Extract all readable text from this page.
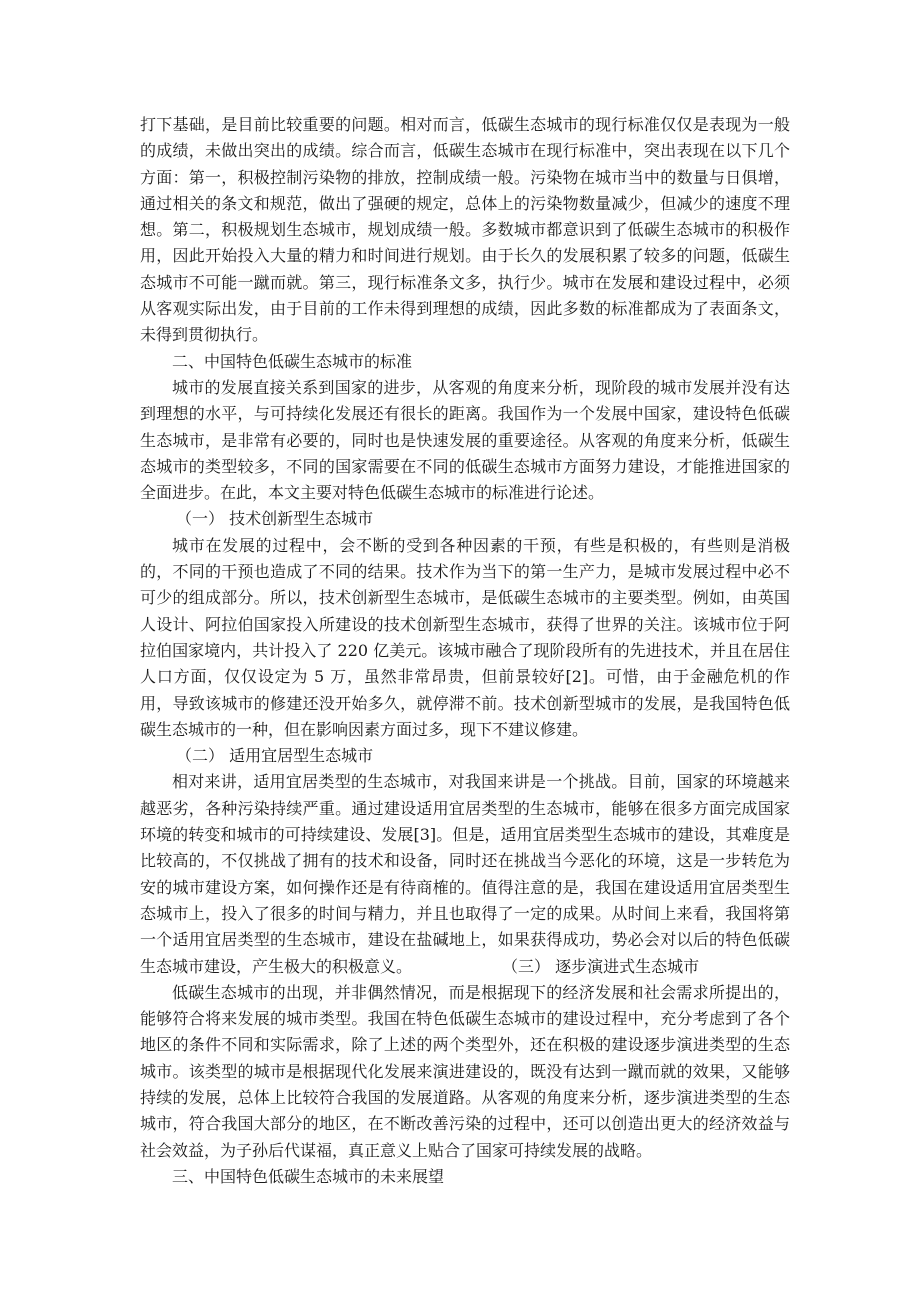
打下基础，是目前比较重要的问题。相对而言，低碳生态城市的现行标准仅仅是表现为一般的成绩，未做出突出的成绩。综合而言，低碳生态城市在现行标准中，突出表现在以下几个方面：第一，积极控制污染物的排放，控制成绩一般。污染物在城市当中的数量与日俱增，通过相关的条文和规范，做出了强硬的规定，总体上的污染物数量减少，但减少的速度不理想。第二，积极规划生态城市，规划成绩一般。多数城市都意识到了低碳生态城市的积极作用，因此开始投入大量的精力和时间进行规划。由于长久的发展积累了较多的问题，低碳生态城市不可能一蹴而就。第三，现行标准条文多，执行少。城市在发展和建设过程中，必须从客观实际出发，由于目前的工作未得到理想的成绩，因此多数的标准都成为了表面条文，未得到贯彻执行。

二、中国特色低碳生态城市的标准

城市的发展直接关系到国家的进步，从客观的角度来分析，现阶段的城市发展并没有达到理想的水平，与可持续化发展还有很长的距离。我国作为一个发展中国家，建设特色低碳生态城市，是非常有必要的，同时也是快速发展的重要途径。从客观的角度来分析，低碳生态城市的类型较多，不同的国家需要在不同的低碳生态城市方面努力建设，才能推进国家的全面进步。在此，本文主要对特色低碳生态城市的标准进行论述。

（一） 技术创新型生态城市

城市在发展的过程中，会不断的受到各种因素的干预，有些是积极的，有些则是消极的，不同的干预也造成了不同的结果。技术作为当下的第一生产力，是城市发展过程中必不可少的组成部分。所以，技术创新型生态城市，是低碳生态城市的主要类型。例如，由英国人设计、阿拉伯国家投入所建设的技术创新型生态城市，获得了世界的关注。该城市位于阿拉伯国家境内，共计投入了 220 亿美元。该城市融合了现阶段所有的先进技术，并且在居住人口方面，仅仅设定为 5 万，虽然非常昂贵，但前景较好[2]。可惜，由于金融危机的作用，导致该城市的修建还没开始多久，就停滞不前。技术创新型城市的发展，是我国特色低碳生态城市的一种，但在影响因素方面过多，现下不建议修建。

（二） 适用宜居型生态城市

相对来讲，适用宜居类型的生态城市，对我国来讲是一个挑战。目前，国家的环境越来越恶劣，各种污染持续严重。通过建设适用宜居类型的生态城市，能够在很多方面完成国家环境的转变和城市的可持续建设、发展[3]。但是，适用宜居类型生态城市的建设，其难度是比较高的，不仅挑战了拥有的技术和设备，同时还在挑战当今恶化的环境，这是一步转危为安的城市建设方案，如何操作还是有待商榷的。值得注意的是，我国在建设适用宜居类型生态城市上，投入了很多的时间与精力，并且也取得了一定的成果。从时间上来看，我国将第一个适用宜居类型的生态城市，建设在盐碱地上，如果获得成功，势必会对以后的特色低碳生态城市建设，产生极大的积极意义。	（三） 逐步演进式生态城市

低碳生态城市的出现，并非偶然情况，而是根据现下的经济发展和社会需求所提出的，能够符合将来发展的城市类型。我国在特色低碳生态城市的建设过程中，充分考虑到了各个地区的条件不同和实际需求，除了上述的两个类型外，还在积极的建设逐步演进类型的生态城市。该类型的城市是根据现代化发展来演进建设的，既没有达到一蹴而就的效果，又能够持续的发展，总体上比较符合我国的发展道路。从客观的角度来分析，逐步演进类型的生态城市，符合我国大部分的地区，在不断改善污染的过程中，还可以创造出更大的经济效益与社会效益，为子孙后代谋福，真正意义上贴合了国家可持续发展的战略。

三、中国特色低碳生态城市的未来展望
